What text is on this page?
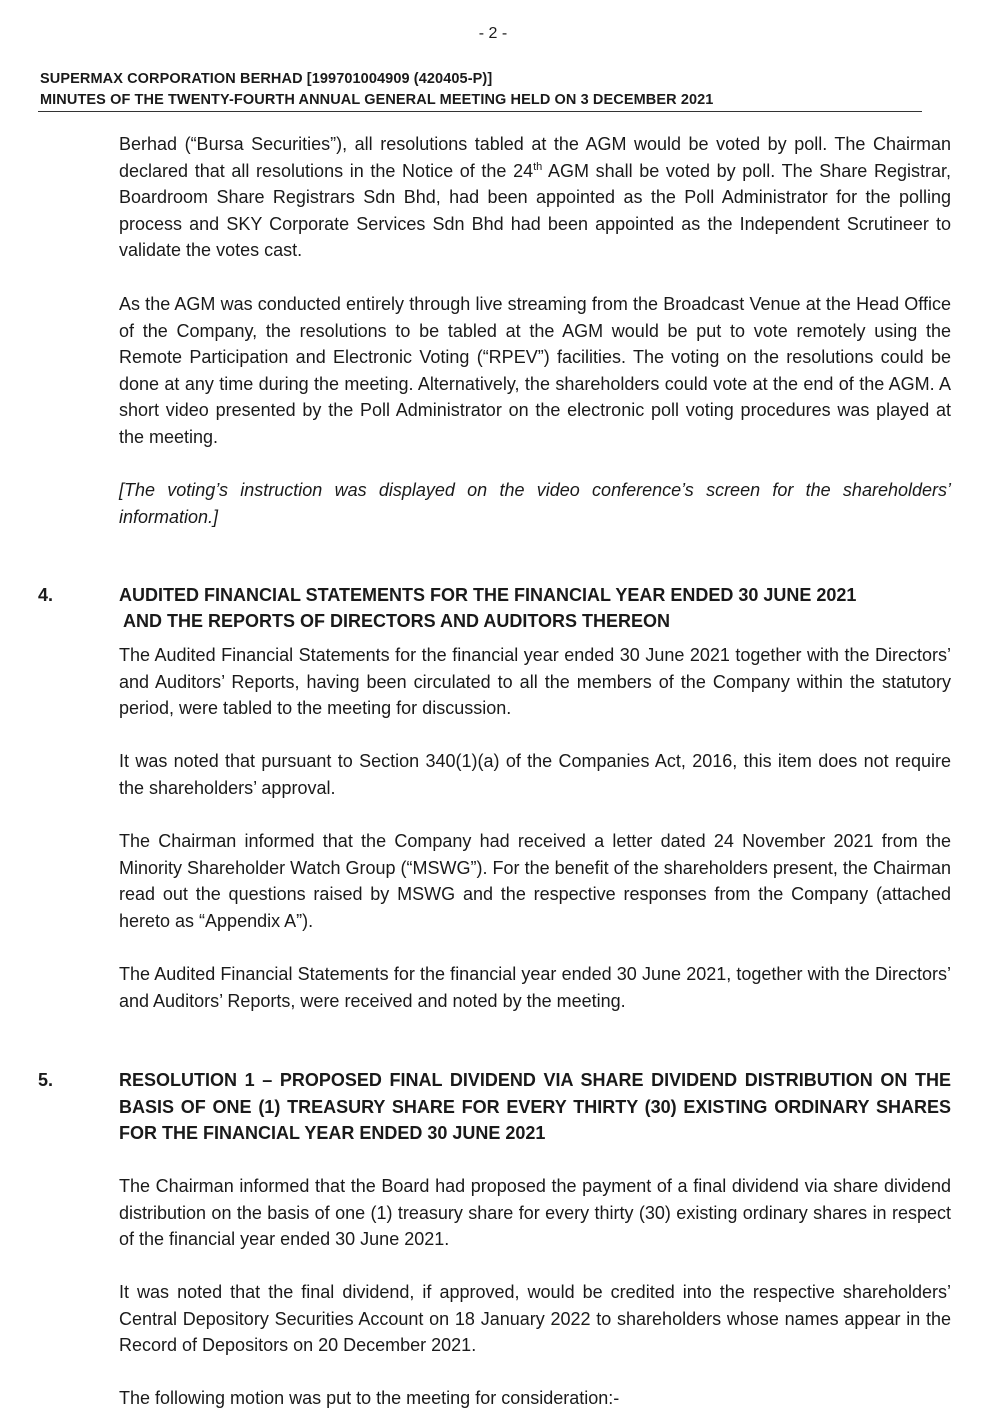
- 2 -
SUPERMAX CORPORATION BERHAD [199701004909 (420405-P)]
MINUTES OF THE TWENTY-FOURTH ANNUAL GENERAL MEETING HELD ON 3 DECEMBER 2021

Berhad (“Bursa Securities”), all resolutions tabled at the AGM would be voted by poll. The Chairman declared that all resolutions in the Notice of the 24th AGM shall be voted by poll. The Share Registrar, Boardroom Share Registrars Sdn Bhd, had been appointed as the Poll Administrator for the polling process and SKY Corporate Services Sdn Bhd had been appointed as the Independent Scrutineer to validate the votes cast.

As the AGM was conducted entirely through live streaming from the Broadcast Venue at the Head Office of the Company, the resolutions to be tabled at the AGM would be put to vote remotely using the Remote Participation and Electronic Voting (“RPEV”) facilities. The voting on the resolutions could be done at any time during the meeting. Alternatively, the shareholders could vote at the end of the AGM. A short video presented by the Poll Administrator on the electronic poll voting procedures was played at the meeting.

[The voting’s instruction was displayed on the video conference’s screen for the shareholders’ information.]

4.	AUDITED FINANCIAL STATEMENTS FOR THE FINANCIAL YEAR ENDED 30 JUNE 2021
AND THE REPORTS OF DIRECTORS AND AUDITORS THEREON

The Audited Financial Statements for the financial year ended 30 June 2021 together with the Directors’ and Auditors’ Reports, having been circulated to all the members of the Company within the statutory period, were tabled to the meeting for discussion.

It was noted that pursuant to Section 340(1)(a) of the Companies Act, 2016, this item does not require the shareholders’ approval.

The Chairman informed that the Company had received a letter dated 24 November 2021 from the Minority Shareholder Watch Group (“MSWG”). For the benefit of the shareholders present, the Chairman read out the questions raised by MSWG and the respective responses from the Company (attached hereto as “Appendix A”).

The Audited Financial Statements for the financial year ended 30 June 2021, together with the Directors’ and Auditors’ Reports, were received and noted by the meeting.

5.	RESOLUTION 1 – PROPOSED FINAL DIVIDEND VIA SHARE DIVIDEND DISTRIBUTION ON THE BASIS OF ONE (1) TREASURY SHARE FOR EVERY THIRTY (30) EXISTING ORDINARY SHARES FOR THE FINANCIAL YEAR ENDED 30 JUNE 2021

The Chairman informed that the Board had proposed the payment of a final dividend via share dividend distribution on the basis of one (1) treasury share for every thirty (30) existing ordinary shares in respect of the financial year ended 30 June 2021.

It was noted that the final dividend, if approved, would be credited into the respective shareholders’ Central Depository Securities Account on 18 January 2022 to shareholders whose names appear in the Record of Depositors on 20 December 2021.

The following motion was put to the meeting for consideration:-
